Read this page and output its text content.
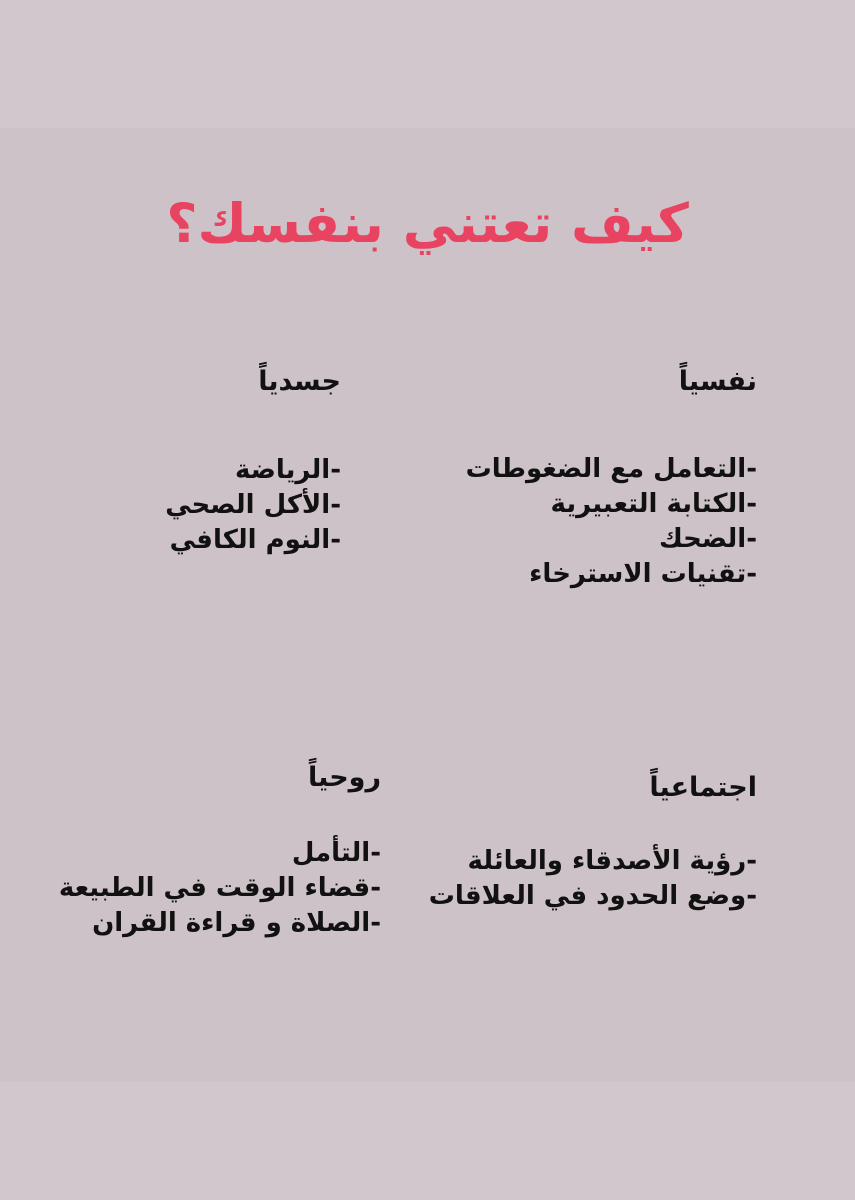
كيف تعتني بنفسك؟
نفسياً
-التعامل مع الضغوطات
-الكتابة التعبيرية
-الضحك
-تقنيات الاسترخاء
جسدياً
-الرياضة
-الأكل الصحي
-النوم الكافي
اجتماعياً
-رؤية الأصدقاء والعائلة
-وضع الحدود في العلاقات
روحياً
-التأمل
-قضاء الوقت في الطبيعة
-الصلاة و قراءة القران
